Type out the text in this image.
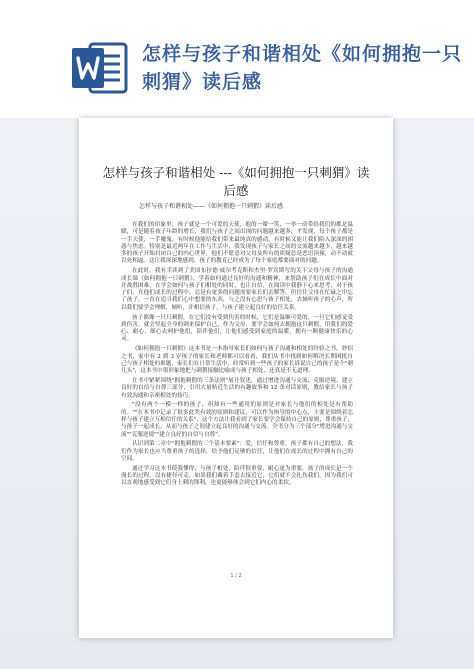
怎样与孩子和谐相处《如何拥抱一只刺猬》读后感
怎样与孩子和谐相处 ---《如何拥抱一只刺猬》读后感
怎样与孩子和谐相处——《如何拥抱一只刺猬》读后感

在我们的印象里，孩子就是一个可爱的天使，他的一颦一笑，一举一动带给我们的都是温暖，可是随着孩子年龄的增长，我们与孩子之间出现的问题越来越多，才发现，每个孩子都是一手天使，一手魔鬼，有时候他能给我们带来最纯真的感动，有时候又能让我们陷入深深的困惑与焦虑。特别是最近两年在工作与生活中，我发现孩子与家长之间的交流越来越少，越来越多的孩子开始封闭自己的内心世界，他们不愿意对父母及所有的质疑总是恶语顶撞，动不动就以死相逼。这让我深深地感到，孩子的教育已经成为了每个家庭都要面对的问题。

在此时，我有幸读到了美国布拉德·威尔考克斯和杰里·罗宾斯写的关于父母与孩子的沟通成长课《如何拥抱一只刺猬》，学着如何通过良好的沟通和精神，来帮助孩子们在成长中面对并战胜困难，在学会如何与孩子们相处的同时，也让自信，在阅读中我静下心来思考，对于孩子们，在他们成长的过程中，总是有更多的问题需要家长们去解答，但往往父母在忙碌之中忘了孩子，一直在追寻我们心中想要的东西，与之没有心思与孩子相处，去倾听孩子的心声，所以我们要学会理解，倾听，并相信孩子，与孩子建立起良好的信任关系。

孩子都像一只只刺猬，在它们没有受到伤害的时候，它们是温顺可爱的，一旦它们感觉受到伤害，就会竖起全身的刺来保护自己，作为父母，要学会如何去拥抱这只刺猬，用我们的爱心、耐心、细心去呵护他们，陪伴他们，让他们感受到家庭的温暖，拥有一颗健康快乐的心灵。

《如何拥抱一只刺猬》这本书是一本指导家长们如何与孩子沟通和相处的经验之书，妙招之书，家中有 2 到 3 岁孩子的家长和老师都可以看看，我们从书中找到如何解决长期困扰自己与孩子相处的难题，家长们在日常生活中，经常听到一些孩子的家长诉说自己的孩子是个"刺儿头"，这本书中很形象地把与刺猬接触比喻成与孩子相处，还真是不无道理。

在书中紧紧围绕"拥抱刺猬的三条法则"展开叙述，通过增进沟通与交流、克服逆境、建立良好的自信与自尊三部分，引用大量贴近生活的有趣故事和 12 条对话原则，教给家长与孩子有效沟通和亲密相处的技巧。

"没有两个一模一样的孩子，但却有一些通用的原则是对家长与他们的相处是有帮助的。""在本书中记录了很多此类有效的原则和建议，可以作为指导的中心点，主要是围绕着怎样与孩子建立互相信任的关系"，这个方法让我看到了家长要学会保持自己的原则，尊重孩子，与孩子一起成长，从而与孩子之间建立起良好的沟通与交流。全书分为三个部分"增进沟通与交流""克服逆境""建立良好的自信与自尊"。

认识到第二章中"拥抱刺猬的三个基本要素"：爱，信任和尊重，孩子都有自己的想法，我们作为家长也应当尊重孩子的选择，给予他们足够的信任，让他们在成长的过程中拥有自己的空间。

通过学习这本书使我懂得，与孩子相处，陪伴很重要，耐心更为重要，孩子的成长是一个漫长的过程，没有捷径可走。如果我们戴着手套去接近它，它们就不会扎伤我们，因为我们可以直观地感受到它们身上刺的锋利，也更能够体会到它们内心的柔软。

1 / 2
